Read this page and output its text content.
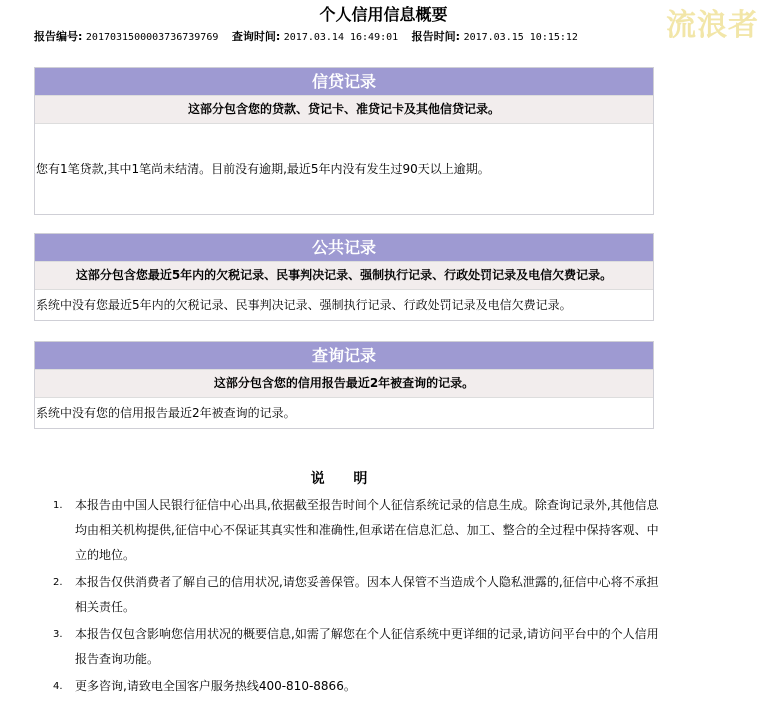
个人信用信息概要	流浪者
报告编号: 2017031500003736739769 查询时间: 2017.03.14 16:49:01 报告时间: 2017.03.15 10:15:12
信贷记录
这部分包含您的贷款、贷记卡、准贷记卡及其他信贷记录。
您有1笔贷款,其中1笔尚未结清。目前没有逾期,最近5年内没有发生过90天以上逾期。
公共记录
这部分包含您最近5年内的欠税记录、民事判决记录、强制执行记录、行政处罚记录及电信欠费记录。
系统中没有您最近5年内的欠税记录、民事判决记录、强制执行记录、行政处罚记录及电信欠费记录。
查询记录
这部分包含您的信用报告最近2年被查询的记录。
系统中没有您的信用报告最近2年被查询的记录。
说 明
1. 本报告由中国人民银行征信中心出具,依据截至报告时间个人征信系统记录的信息生成。除查询记录外,其他信息均由相关机构提供,征信中心不保证其真实性和准确性,但承诺在信息汇总、加工、整合的全过程中保持客观、中立的地位。
2. 本报告仅供消费者了解自己的信用状况,请您妥善保管。因本人保管不当造成个人隐私泄露的,征信中心将不承担相关责任。
3. 本报告仅包含影响您信用状况的概要信息,如需了解您在个人征信系统中更详细的记录,请访问平台中的个人信用报告查询功能。
4. 更多咨询,请致电全国客户服务热线400-810-8866。
